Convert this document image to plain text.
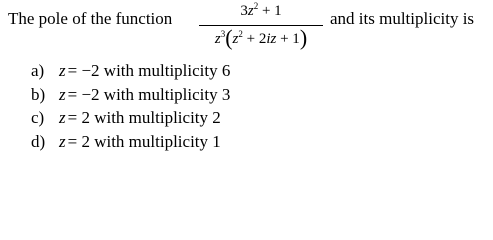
The pole of the function	$3z^2 + 1$
$z^3(z^2 + 2iz + 1)$
and its multiplicity is
a) z = −2 with multiplicity 6
b) z = −2 with multiplicity 3
c) z = 2 with multiplicity 2
d) z = 2 with multiplicity 1
